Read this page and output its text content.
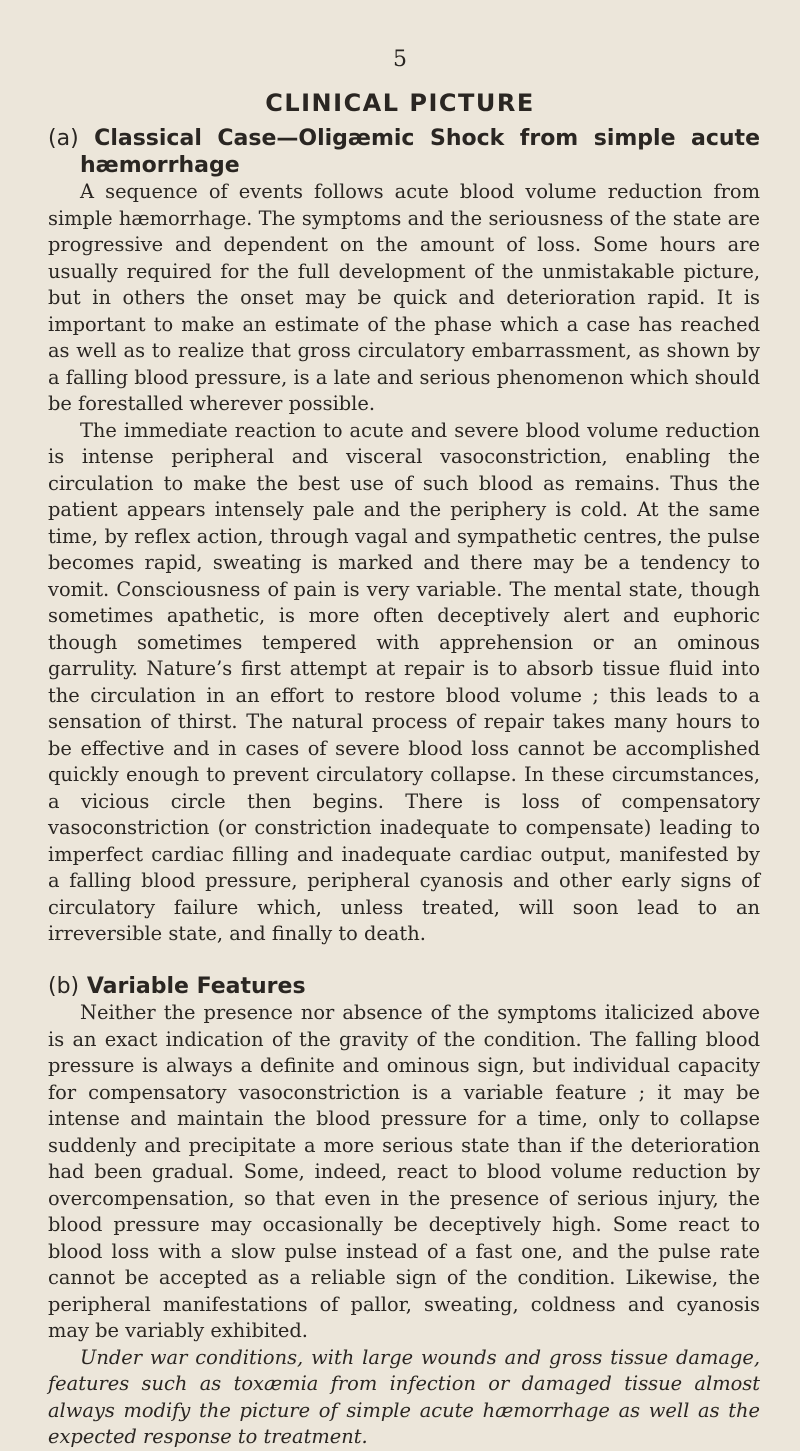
5
CLINICAL PICTURE
(a) Classical Case—Oligæmic Shock from simple acute hæmorrhage

A sequence of events follows acute blood volume reduction from simple hæmorrhage. The symptoms and the seriousness of the state are progressive and dependent on the amount of loss. Some hours are usually required for the full development of the unmistakable picture, but in others the onset may be quick and deterioration rapid. It is important to make an estimate of the phase which a case has reached as well as to realize that gross circulatory embarrassment, as shown by a falling blood pressure, is a late and serious phenomenon which should be forestalled wherever possible.

The immediate reaction to acute and severe blood volume reduction is intense peripheral and visceral vasoconstriction, enabling the circulation to make the best use of such blood as remains. Thus the patient appears intensely pale and the periphery is cold. At the same time, by reflex action, through vagal and sympathetic centres, the pulse becomes rapid, sweating is marked and there may be a tendency to vomit. Consciousness of pain is very variable. The mental state, though sometimes apathetic, is more often deceptively alert and euphoric though sometimes tempered with apprehension or an ominous garrulity. Nature’s first attempt at repair is to absorb tissue fluid into the circulation in an effort to restore blood volume ; this leads to a sensation of thirst. The natural process of repair takes many hours to be effective and in cases of severe blood loss cannot be accomplished quickly enough to prevent circulatory collapse. In these circumstances, a vicious circle then begins. There is loss of compensatory vasoconstriction (or constriction inadequate to compensate) leading to imperfect cardiac filling and inadequate cardiac output, manifested by a falling blood pressure, peripheral cyanosis and other early signs of circulatory failure which, unless treated, will soon lead to an irreversible state, and finally to death.

(b) Variable Features

Neither the presence nor absence of the symptoms italicized above is an exact indication of the gravity of the condition. The falling blood pressure is always a definite and ominous sign, but individual capacity for compensatory vasoconstriction is a variable feature ; it may be intense and maintain the blood pressure for a time, only to collapse suddenly and precipitate a more serious state than if the deterioration had been gradual. Some, indeed, react to blood volume reduction by overcompensation, so that even in the presence of serious injury, the blood pressure may occasionally be deceptively high. Some react to blood loss with a slow pulse instead of a fast one, and the pulse rate cannot be accepted as a reliable sign of the condition. Likewise, the peripheral manifestations of pallor, sweating, coldness and cyanosis may be variably exhibited.

Under war conditions, with large wounds and gross tissue damage, features such as toxæmia from infection or damaged tissue almost always modify the picture of simple acute hæmorrhage as well as the expected response to treatment.
